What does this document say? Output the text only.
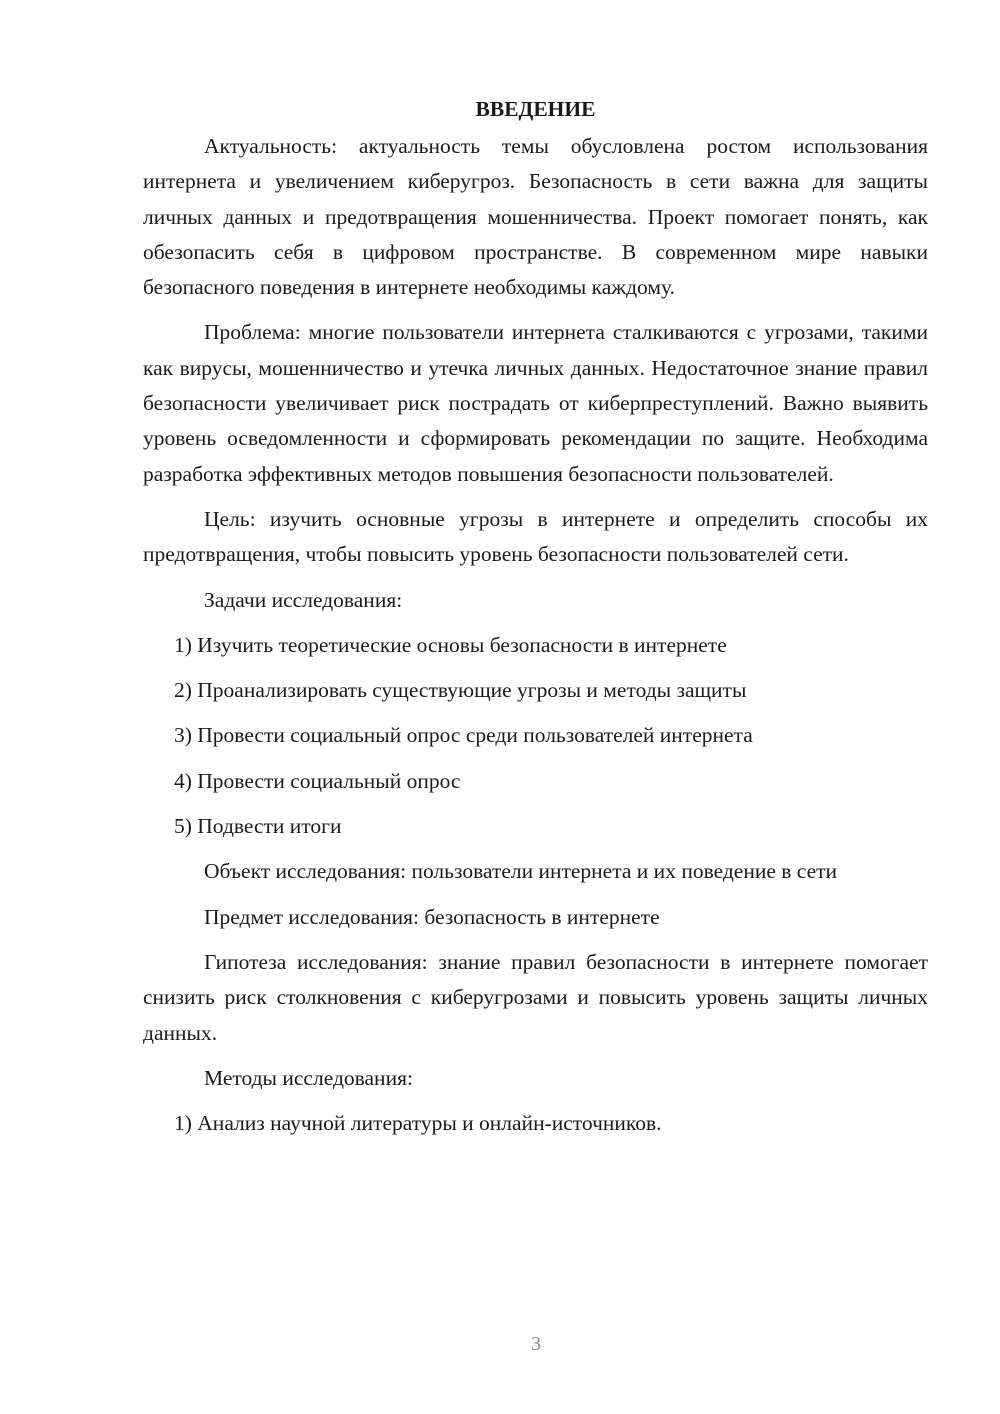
ВВЕДЕНИЕ

Актуальность: актуальность темы обусловлена ростом использования интернета и увеличением киберугроз. Безопасность в сети важна для защиты личных данных и предотвращения мошенничества. Проект помогает понять, как обезопасить себя в цифровом пространстве. В современном мире навыки безопасного поведения в интернете необходимы каждому.

Проблема: многие пользователи интернета сталкиваются с угрозами, такими как вирусы, мошенничество и утечка личных данных. Недостаточное знание правил безопасности увеличивает риск пострадать от киберпреступлений. Важно выявить уровень осведомленности и сформировать рекомендации по защите. Необходима разработка эффективных методов повышения безопасности пользователей.

Цель: изучить основные угрозы в интернете и определить способы их предотвращения, чтобы повысить уровень безопасности пользователей сети.

Задачи исследования:

1) Изучить теоретические основы безопасности в интернете
2) Проанализировать существующие угрозы и методы защиты
3) Провести социальный опрос среди пользователей интернета
4) Провести социальный опрос
5) Подвести итоги

Объект исследования: пользователи интернета и их поведение в сети

Предмет исследования: безопасность в интернете

Гипотеза исследования: знание правил безопасности в интернете помогает снизить риск столкновения с киберугрозами и повысить уровень защиты личных данных.

Методы исследования:

1) Анализ научной литературы и онлайн-источников.
3
